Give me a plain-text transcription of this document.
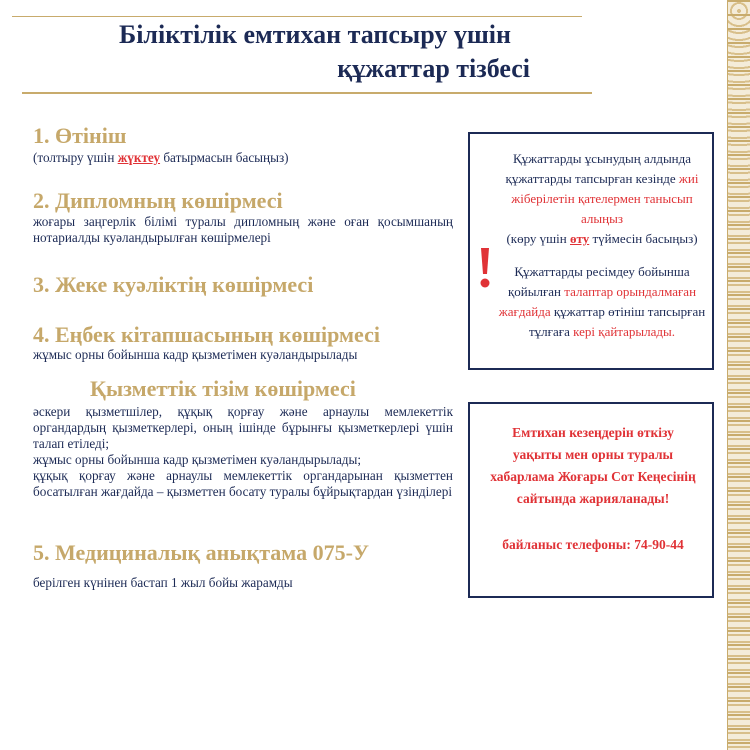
Біліктілік емтихан тапсыру үшін
құжаттар тізбесі
1. Өтініш
(толтыру үшін жүктеу батырмасын басыңыз)
2. Дипломның көшірмесі
жоғары заңгерлік білімі туралы дипломның және оған қосымшаның нотариалды куәландырылған көшірмелері
3. Жеке куәліктің көшірмесі
4. Еңбек кітапшасының көшірмесі
жұмыс орны бойынша кадр қызметімен куәландырылады
Қызметтік тізім көшірмесі
әскери қызметшілер, құқық қорғау және арнаулы мемлекеттік органдардың қызметкерлері, оның ішінде бұрынғы қызметкерлері үшін талап етіледі;
жұмыс орны бойынша кадр қызметімен куәландырылады;
құқық қорғау және арнаулы мемлекеттік органдарынан қызметтен босатылған жағдайда – қызметтен босату туралы бұйрықтардан үзінділері
5. Медициналық анықтама 075-У
берілген күнінен бастап 1 жыл бойы жарамды
Құжаттарды ұсынудың алдында құжаттарды тапсырған кезінде жиі жіберілетін қателермен танысып алыңыз
(көру үшін өту түймесін басыңыз)
Құжаттарды ресімдеу бойынша қойылған талаптар орындалмаған жағдайда құжаттар өтініш тапсырған тұлғаға кері қайтарылады.
Емтихан кезеңдерін өткізу уақыты мен орны туралы хабарлама Жоғары Сот Кеңесінің сайтында жарияланады!
байланыс телефоны: 74-90-44
